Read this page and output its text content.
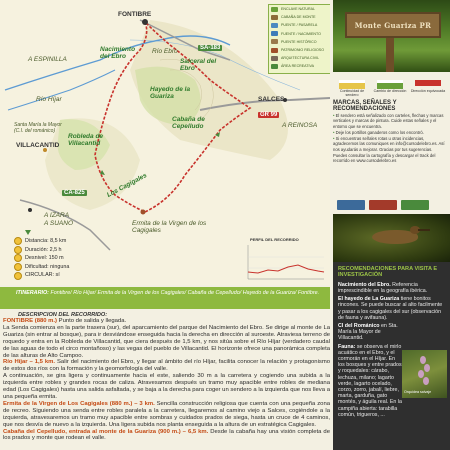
FONTIBRE
A ESPINILLA
Nacimiento del Ebro
Río Ebro	SA-183
Salceral del Ebro
Hayedo de la Guariza
Río Híjar	SALCES
GR 99
A REINOSA
Cabaña de Cepelludo
Santa María la Mayor (C.I. del románico)
VILLACANTID
Robleda de Villacantid
Los Cagigales
CA-825
A IZARA
A SUANO	Ermita de la Virgen de los Cagigales
ENCLAVE NATURAL
CABAÑA DE MONTE
PUENTE / PASARELA
FUENTE / NACIMIENTO
PUENTE HISTÓRICO
PATRIMONIO RELIGIOSO
ARQUITECTURA CIVIL
ÁREA RECREATIVA
Distancia: 8,5 km
Duración: 2,5 h
Desnivel: 150 m
Dificultad: ninguna
CIRCULAR: sí
PERFIL DEL RECORRIDO
Monte Guariza PR
Continuidad de sendero
Cambio de dirección	Dirección equivocada
MARCAS, SEÑALES Y RECOMENDACIONES

• El sendero está señalizado con carteles, flechas y marcas verticales y marcas de pintura. Cuide estas señales y el entorno que se encuentra.

• Deje los portillos ganaderos como los encontró.

• Si encuentras señales rotas u otras incidencias, agradecemos las comuniques en info@cursodelebro.es. Así nos ayudarás a mejorar. Gracias por tus sugerencias.

Puedes consultar la cartografía y descargar el track del recorrido en www.cursodelebro.es

RECOMENDACIONES PARA VISITA E INVESTIGACIÓN

Nacimiento del Ebro. Referencia imprescindible en la geografía ibérica.

El hayedo de La Guariza tiene bonitos rincones. Se puede buscar al alto facilmente y pasar a los cagigales del sur (observación de fauna y avifauna).

CI del Románico en Sta. María la Mayor de Villacantid.

Fauna: se observa el mirlo acuático en el Ebro, y el cormorán en el Híjar. En los bosques y entre prados y roquedales: cárabo, lechuza, milano; lagarto verde, lagarto ocelado, corzo, zorro, jabalí, liebre, marta, garduña, gato montés, y águila real. En la campiña abierta: tarabilla común, trigueros, ...

Orquídea salvaje
ITINERARIO: Fontibre/ Río Híjar/ Ermita de la Virgen de los Cagigales/ Cabaña de Cepelludo/ Hayedo de la Guariza/ Fontibre.
DESCRIPCIÓN DEL RECORRIDO:

FONTIBRE (880 m.) Punto de salida y llegada.

La Senda comienza en la parte trasera (sur), del aparcamiento del parque del Nacimiento del Ebro. Se dirige al monte de La Guariza (sin entrar al bosque), para ir desviándose enseguida hacia la derecha en dirección al suroeste. Atraviesa terreno de roquedo y entra en la Robleda de Villacantid, que ciera después de 1,5 km, y nos sitúa sobre el Río Híjar (verdadero caudal de las aguas de todo el circo montañoso) y las vegas del pueblo de Villacantid. El horizonte ofrece una panorámica completa de las alturas de Alto Campoo.

Río Híjar – 1,5 km. Salir del nacimiento del Ebro, y llegar al ámbito del río Híjar, facilita conocer la relación y protagonismo de estos dos ríos con la formación y la geomorfología del valle.

A continuación, se gira ligera y continuamente hacia el este, saliendo 30 m a la carretera y cogiendo una subida a la izquierda entre robles y grandes rocas de caliza. Atravesamos después un tramo muy apacible entre robles de mediana edad (Los Cagigales) hasta una salida asfaltada, y se baja a la derecha para coger un sendero a la izquierda que nos lleva a una pequeña ermita.

Ermita de la Virgen de Los Cagigales (880 m.) – 3 km. Sencilla construcción religiosa que cuenta con una pequeña zona de recreo. Siguiendo una senda entre robles paralela a la carretera, llegaremos al camino viejo a Salces, cogiéndole a la izquierda, atravesaremos un tramo muy apacible entre sombras y cuidados prados de siega, hasta un cruce de 4 caminos, que nos desvía de nuevo a la izquierda. Una ligera subida nos planta enseguida a la altura de un estratégica Cagigales.

Cabaña del Cepelludo, entrada al monte de la Guariza (900 m.) – 6,5 km. Desde la cabaña hay una visión completa de los prados y monte que rodean el valle.
